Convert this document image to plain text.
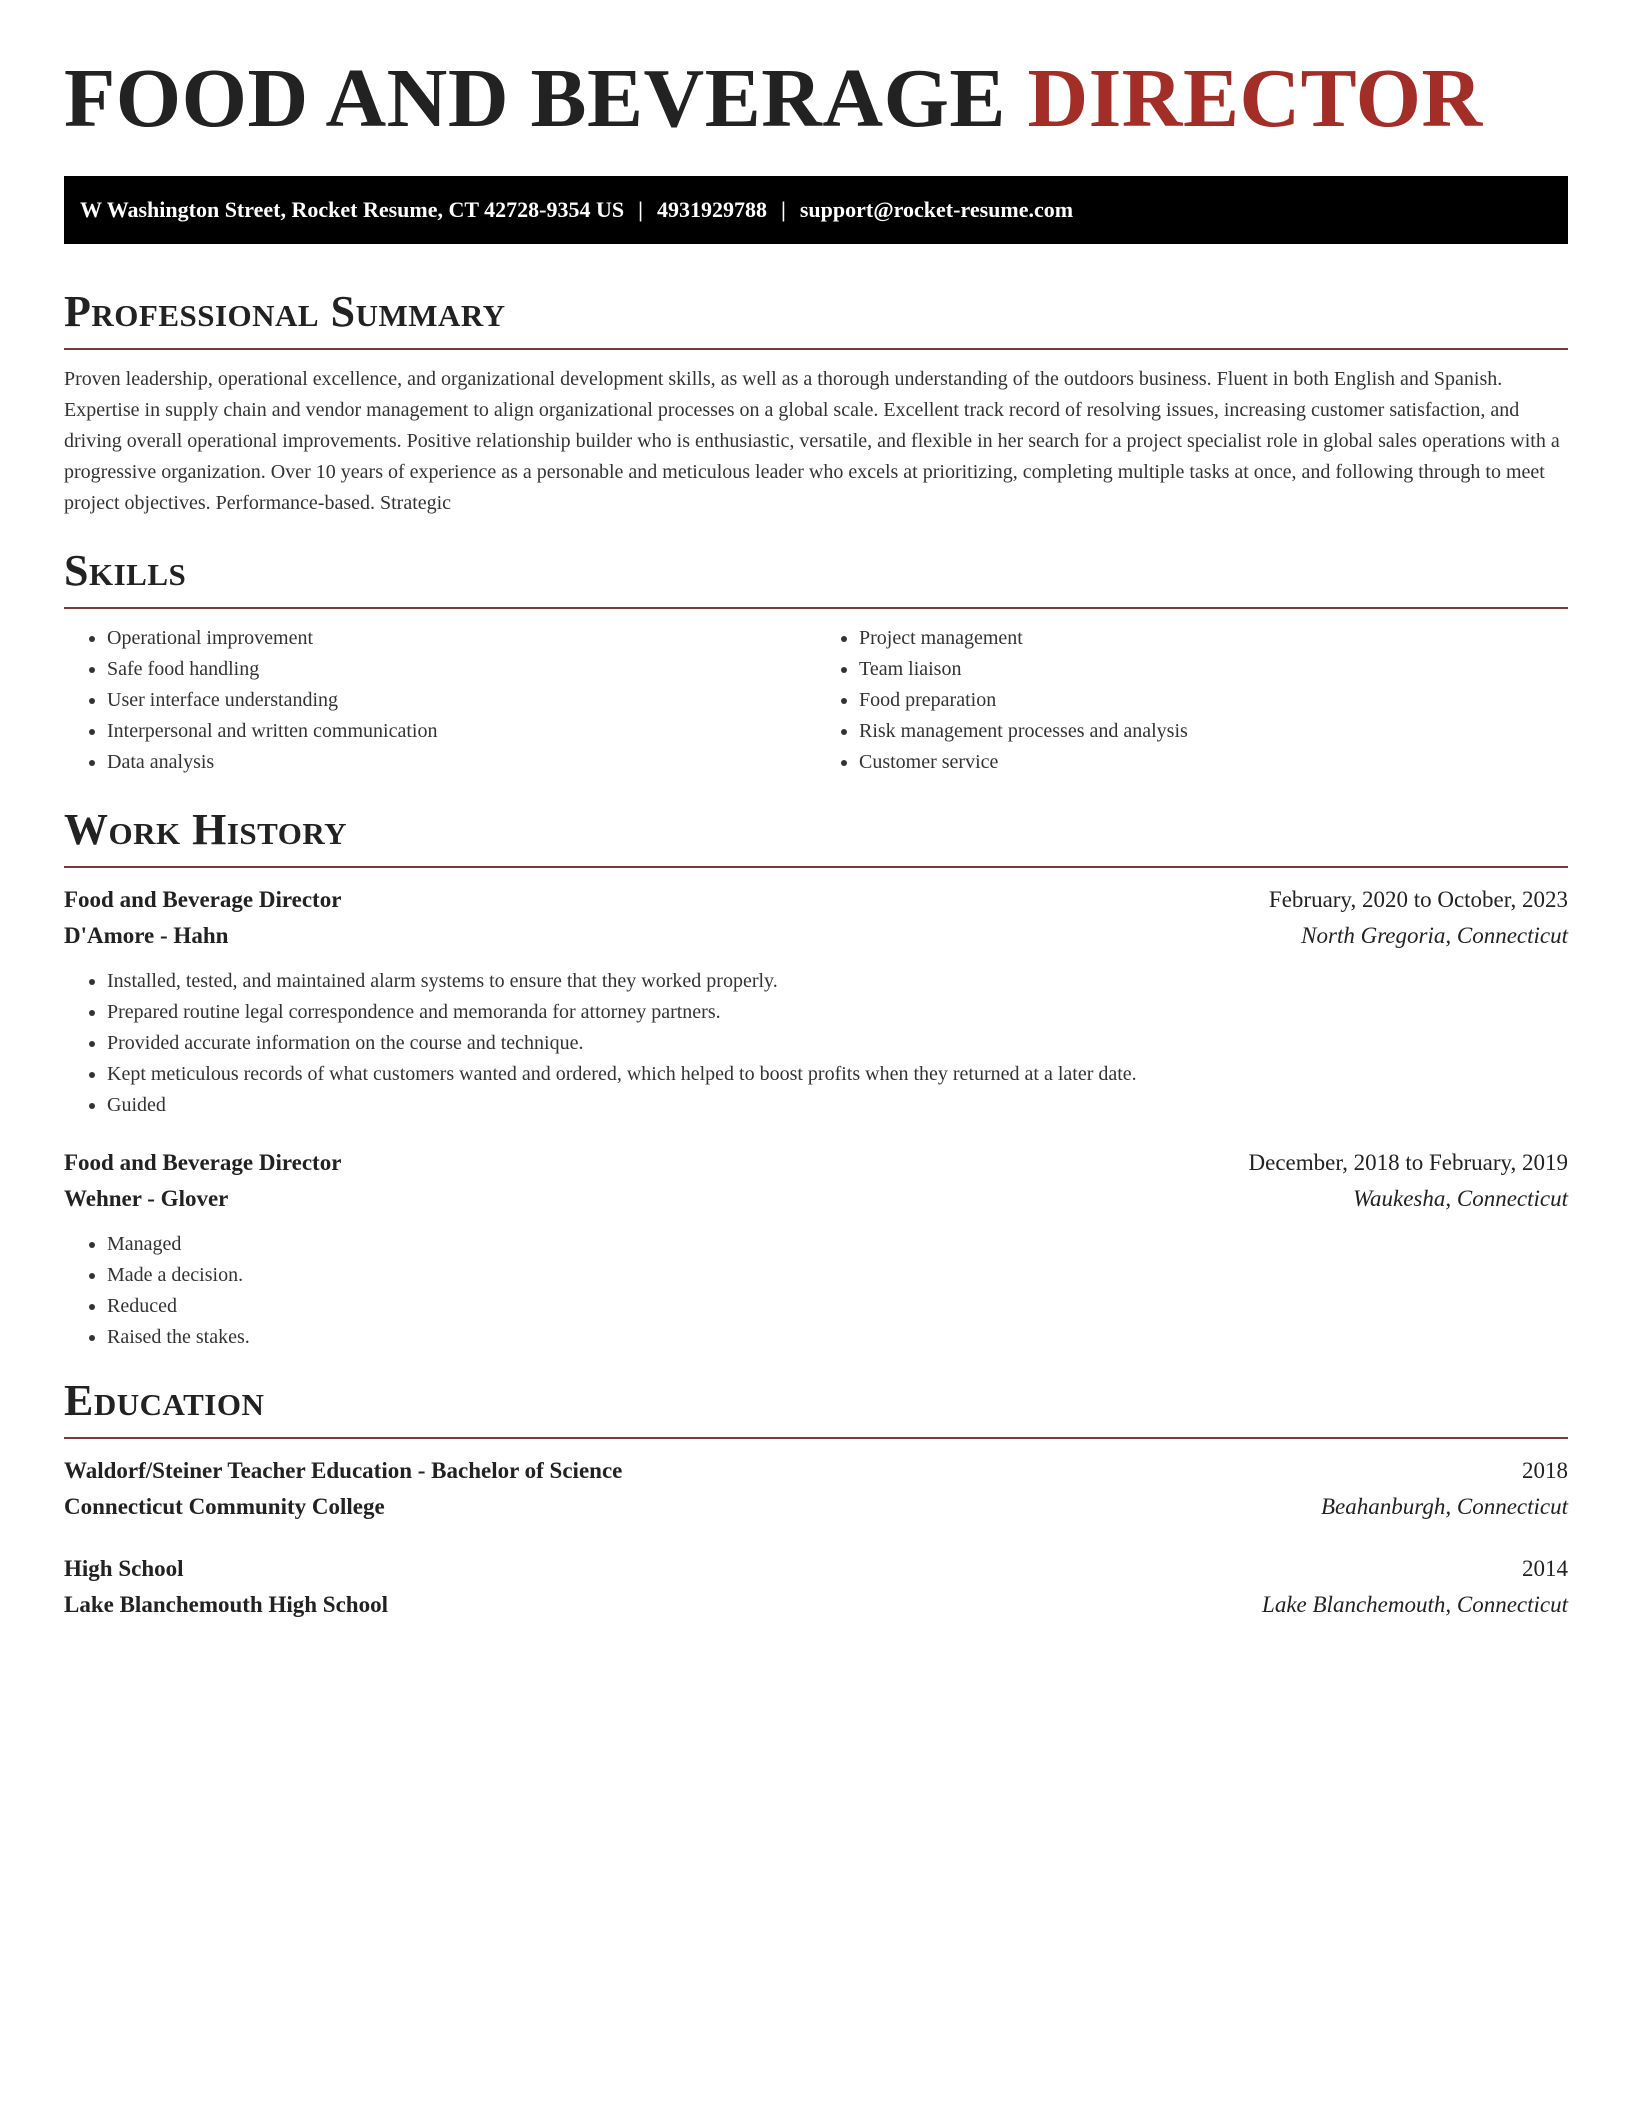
FOOD AND BEVERAGE DIRECTOR
W Washington Street, Rocket Resume, CT 42728-9354 US | 4931929788 | support@rocket-resume.com
Professional Summary

Proven leadership, operational excellence, and organizational development skills, as well as a thorough understanding of the outdoors business. Fluent in both English and Spanish. Expertise in supply chain and vendor management to align organizational processes on a global scale. Excellent track record of resolving issues, increasing customer satisfaction, and driving overall operational improvements. Positive relationship builder who is enthusiastic, versatile, and flexible in her search for a project specialist role in global sales operations with a progressive organization. Over 10 years of experience as a personable and meticulous leader who excels at prioritizing, completing multiple tasks at once, and following through to meet project objectives. Performance-based. Strategic

Skills
• Operational improvement
• Safe food handling
• User interface understanding
• Interpersonal and written communication
• Data analysis
• Project management
• Team liaison
• Food preparation
• Risk management processes and analysis
• Customer service
Work History
Food and Beverage Director	February, 2020 to October, 2023
D'Amore - Hahn	North Gregoria, Connecticut
• Installed, tested, and maintained alarm systems to ensure that they worked properly.
• Prepared routine legal correspondence and memoranda for attorney partners.
• Provided accurate information on the course and technique.
• Kept meticulous records of what customers wanted and ordered, which helped to boost profits when they returned at a later date.
• Guided
Food and Beverage Director	December, 2018 to February, 2019
Wehner - Glover	Waukesha, Connecticut
• Managed
• Made a decision.
• Reduced
• Raised the stakes.
Education
Waldorf/Steiner Teacher Education - Bachelor of Science	2018
Connecticut Community College	Beahanburgh, Connecticut
High School	2014
Lake Blanchemouth High School	Lake Blanchemouth, Connecticut
